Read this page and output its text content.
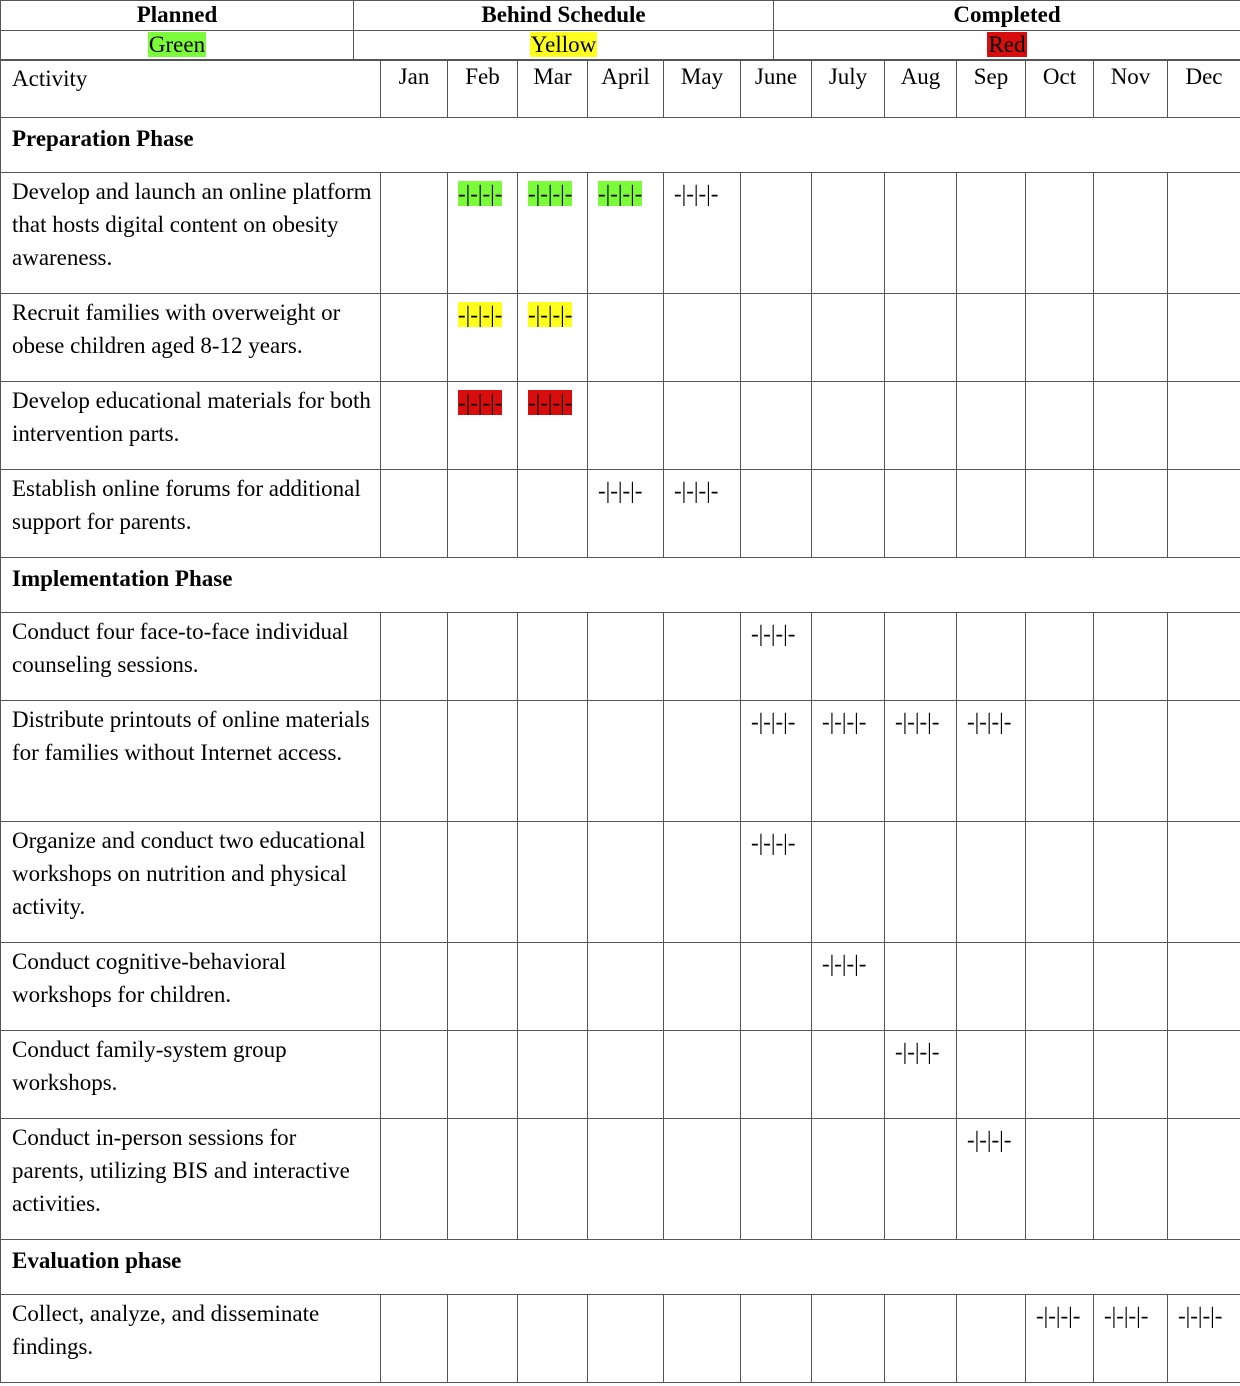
Planned	Behind Schedule	Completed
Green	Yellow	Red
Activity	Jan	Feb	Mar	April	May	June	July	Aug	Sep	Oct	Nov	Dec
Preparation Phase												
Develop and launch an online platform that hosts digital content on obesity awareness.		-|-|-|-	-|-|-|-	-|-|-|-	-|-|-|-							
Recruit families with overweight or obese children aged 8-12 years.		-|-|-|-	-|-|-|-									
Develop educational materials for both intervention parts.		-|-|-|-	-|-|-|-									
Establish online forums for additional support for parents.				-|-|-|-	-|-|-|-							
Implementation Phase												
Conduct four face-to-face individual counseling sessions.						-|-|-|-						
Distribute printouts of online materials for families without Internet access.						-|-|-|-	-|-|-|-	-|-|-|-	-|-|-|-			
Organize and conduct two educational workshops on nutrition and physical activity.						-|-|-|-						
Conduct cognitive-behavioral workshops for children.							-|-|-|-					
Conduct family-system group workshops.								-|-|-|-				
Conduct in-person sessions for parents, utilizing BIS and interactive activities.									-|-|-|-			
Evaluation phase												
Collect, analyze, and disseminate findings.										-|-|-|-	-|-|-|-	-|-|-|-
